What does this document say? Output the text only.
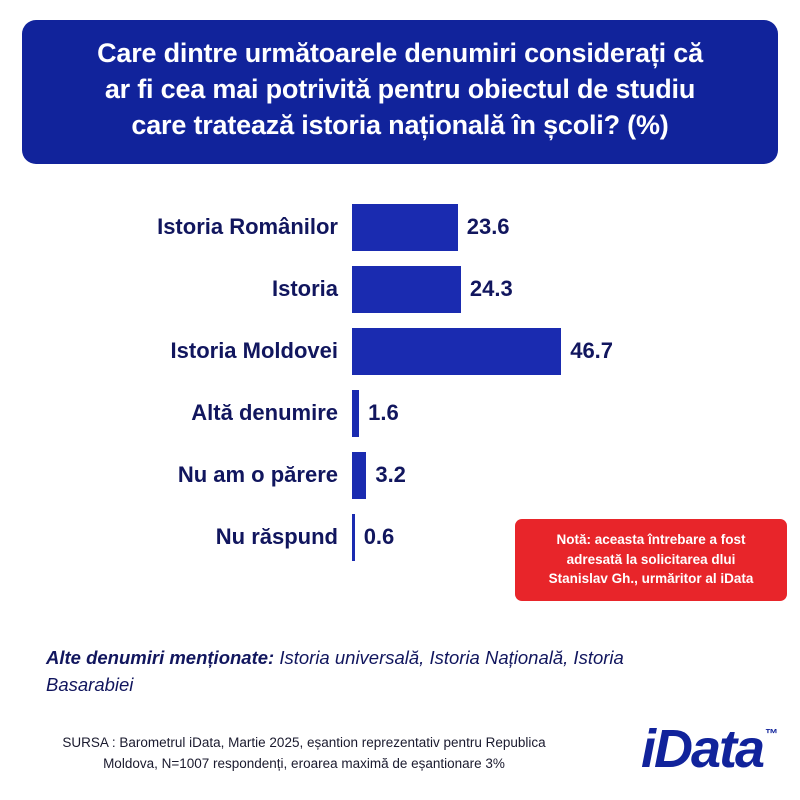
Care dintre următoarele denumiri considerați că
ar fi cea mai potrivită pentru obiectul de studiu
care tratează istoria națională în școli? (%)
Istoria Românilor	23.6
Istoria	24.3
Istoria Moldovei	46.7
Altă denumire	1.6
Nu am o părere	3.2
Nu răspund	0.6	Notă: aceasta întrebare a fost
adresată la solicitarea dlui
Stanislav Gh., urmăritor al iData
Alte denumiri menționate: Istoria universală, Istoria Națională, Istoria Basarabiei
SURSA : Barometrul iData, Martie 2025, eșantion reprezentativ pentru Republica
Moldova, N=1007 respondenți, eroarea maximă de eșantionare 3%	iData ™
